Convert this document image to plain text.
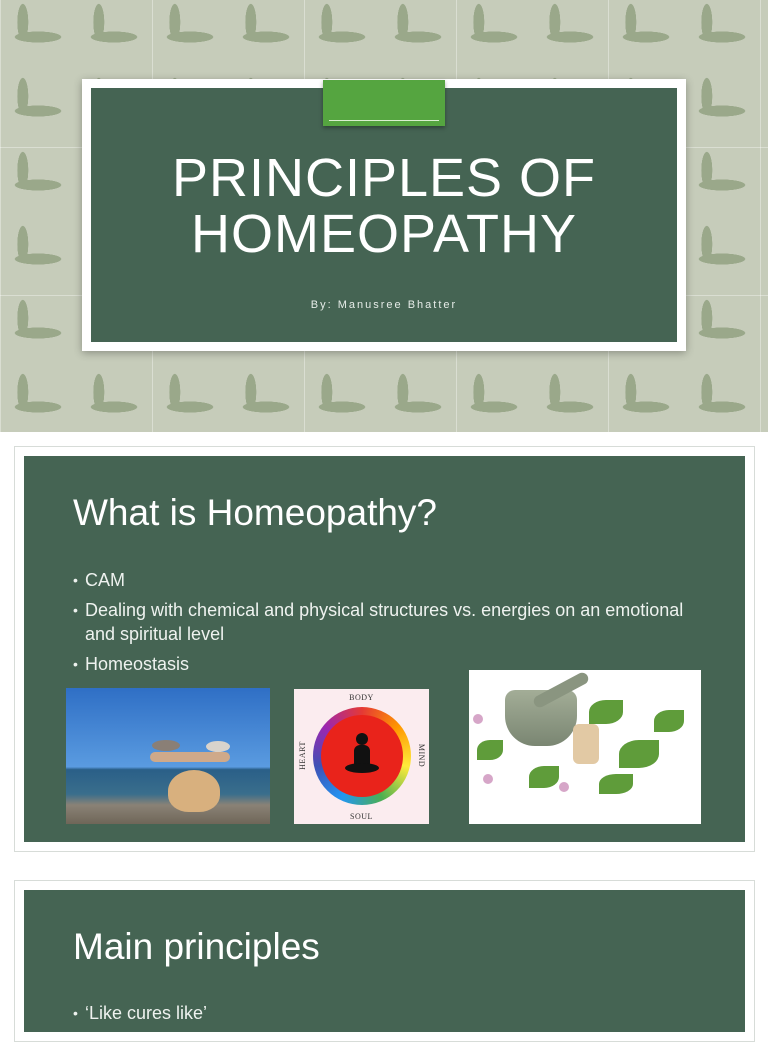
PRINCIPLES OF
HOMEOPATHY
By: Manusree Bhatter
What is Homeopathy?
• CAM
• Dealing with chemical and physical structures vs. energies on an emotional and spiritual level
• Homeostasis
BODY
HEART	MIND
SOUL
Main principles
• ‘Like cures like’
